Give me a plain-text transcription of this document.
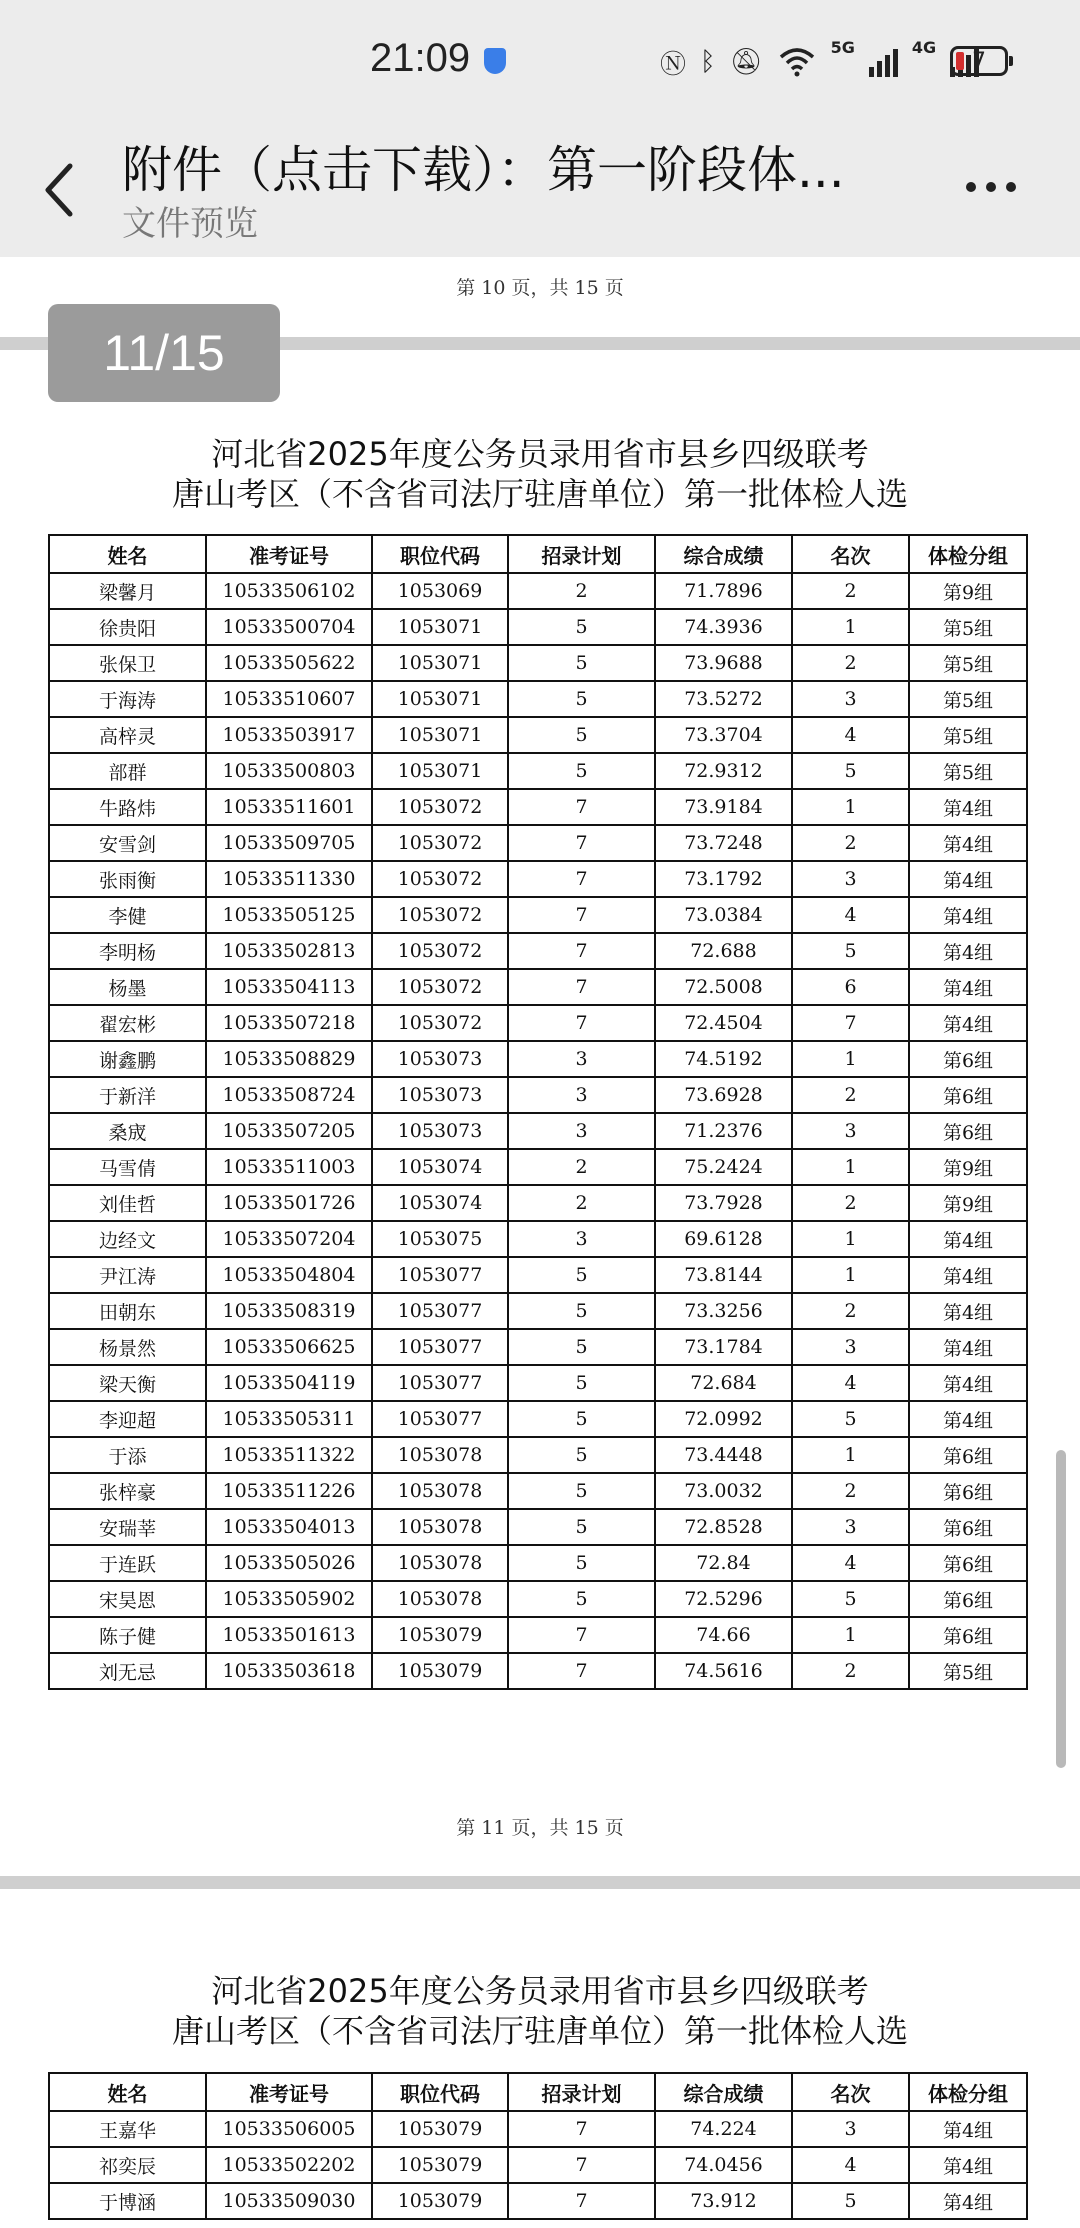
21:09	Ⓝ ᛒ 🔕︎	5G	4G
7
附件（点击下载）：第一阶段体...
文件预览
第 10 页，共 15 页
11/15
河北省2025年度公务员录用省市县乡四级联考
唐山考区（不含省司法厅驻唐单位）第一批体检人选
姓名	准考证号	职位代码	招录计划	综合成绩	名次	体检分组
梁馨月	10533506102	1053069	2	71.7896	2	第9组
徐贵阳	10533500704	1053071	5	74.3936	1	第5组
张保卫	10533505622	1053071	5	73.9688	2	第5组
于海涛	10533510607	1053071	5	73.5272	3	第5组
高梓灵	10533503917	1053071	5	73.3704	4	第5组
部群	10533500803	1053071	5	72.9312	5	第5组
牛路炜	10533511601	1053072	7	73.9184	1	第4组
安雪剑	10533509705	1053072	7	73.7248	2	第4组
张雨衡	10533511330	1053072	7	73.1792	3	第4组
李健	10533505125	1053072	7	73.0384	4	第4组
李明杨	10533502813	1053072	7	72.688	5	第4组
杨墨	10533504113	1053072	7	72.5008	6	第4组
翟宏彬	10533507218	1053072	7	72.4504	7	第4组
谢鑫鹏	10533508829	1053073	3	74.5192	1	第6组
于新洋	10533508724	1053073	3	73.6928	2	第6组
桑宬	10533507205	1053073	3	71.2376	3	第6组
马雪倩	10533511003	1053074	2	75.2424	1	第9组
刘佳哲	10533501726	1053074	2	73.7928	2	第9组
边经文	10533507204	1053075	3	69.6128	1	第4组
尹江涛	10533504804	1053077	5	73.8144	1	第4组
田朝东	10533508319	1053077	5	73.3256	2	第4组
杨景然	10533506625	1053077	5	73.1784	3	第4组
梁天衡	10533504119	1053077	5	72.684	4	第4组
李迎超	10533505311	1053077	5	72.0992	5	第4组
于添	10533511322	1053078	5	73.4448	1	第6组
张梓豪	10533511226	1053078	5	73.0032	2	第6组
安瑞莘	10533504013	1053078	5	72.8528	3	第6组
于连跃	10533505026	1053078	5	72.84	4	第6组
宋昊恩	10533505902	1053078	5	72.5296	5	第6组
陈子健	10533501613	1053079	7	74.66	1	第6组
刘无忌	10533503618	1053079	7	74.5616	2	第5组
第 11 页，共 15 页
河北省2025年度公务员录用省市县乡四级联考
唐山考区（不含省司法厅驻唐单位）第一批体检人选
姓名	准考证号	职位代码	招录计划	综合成绩	名次	体检分组
王嘉华	10533506005	1053079	7	74.224	3	第4组
祁奕辰	10533502202	1053079	7	74.0456	4	第4组
于博涵	10533509030	1053079	7	73.912	5	第4组
